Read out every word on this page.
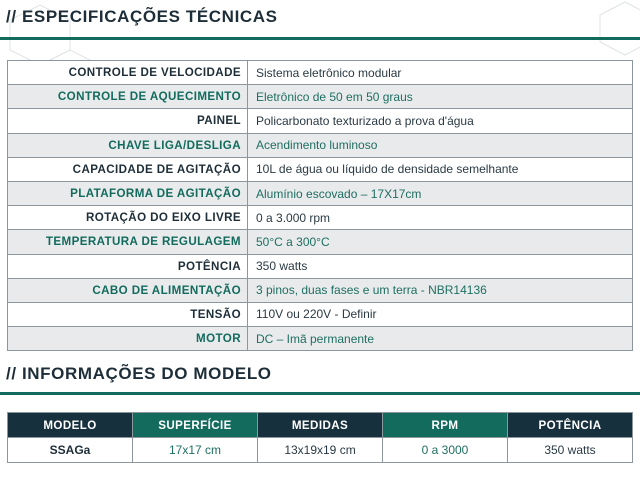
// ESPECIFICAÇÕES TÉCNICAS
CONTROLE DE VELOCIDADE	Sistema eletrônico modular
CONTROLE DE AQUECIMENTO	Eletrônico de 50 em 50 graus
PAINEL	Policarbonato texturizado a prova d'água
CHAVE LIGA/DESLIGA	Acendimento luminoso
CAPACIDADE DE AGITAÇÃO	10L de água ou líquido de densidade semelhante
PLATAFORMA DE AGITAÇÃO	Alumínio escovado – 17X17cm
ROTAÇÃO DO EIXO LIVRE	0 a 3.000 rpm
TEMPERATURA DE REGULAGEM	50°C a 300°C
POTÊNCIA	350 watts
CABO DE ALIMENTAÇÃO	3 pinos, duas fases e um terra - NBR14136
TENSÃO	110V ou 220V - Definir
MOTOR	DC – Imã permanente
// INFORMAÇÕES DO MODELO
MODELO	SUPERFÍCIE	MEDIDAS	RPM	POTÊNCIA
SSAGa	17x17 cm	13x19x19 cm	0 a 3000	350 watts
